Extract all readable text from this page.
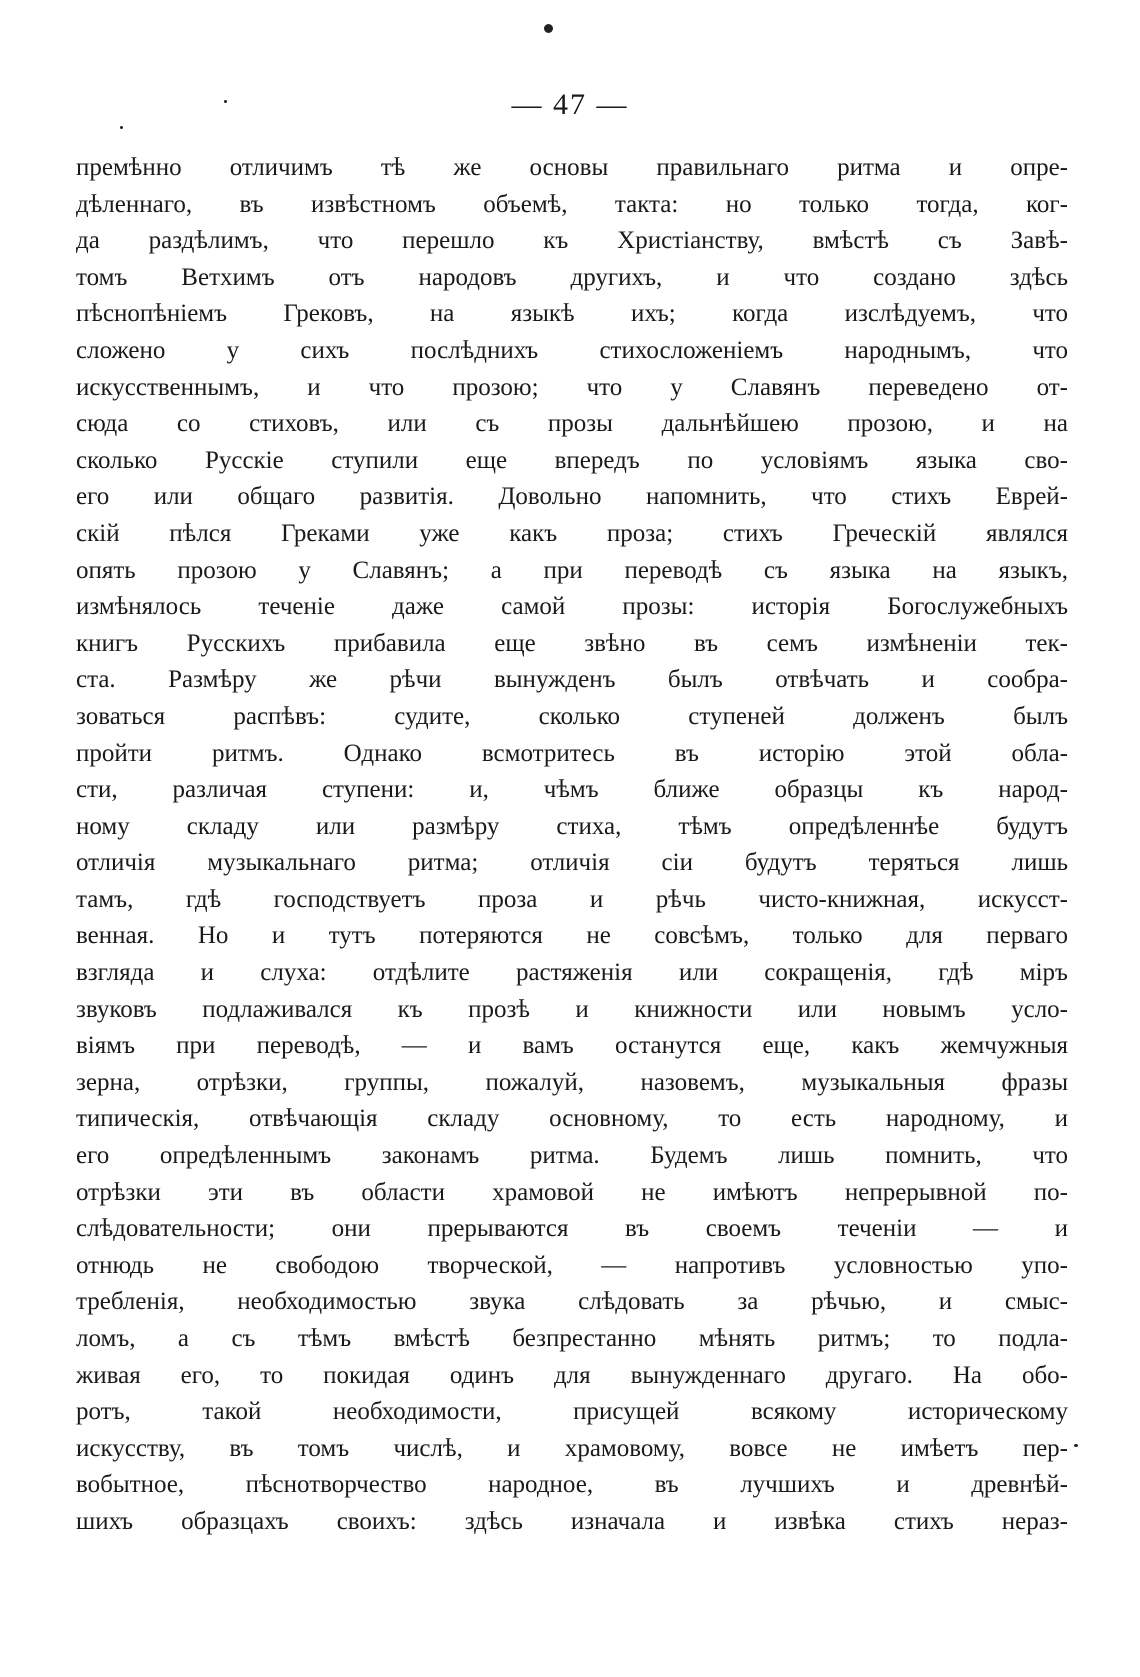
— 47 —
премѣнно отличимъ тѣ же основы правильнаго ритма и опре-
дѣленнаго, въ извѣстномъ объемѣ, такта: но только тогда, ког-
да раздѣлимъ, что перешло къ Христіанству, вмѣстѣ съ Завѣ-
томъ Ветхимъ отъ народовъ другихъ, и что создано здѣсь
пѣснопѣніемъ Грековъ, на языкѣ ихъ; когда изслѣдуемъ, что
сложено у сихъ послѣднихъ стихосложеніемъ народнымъ, что
искусственнымъ, и что прозою; что у Славянъ переведено от-
сюда со стиховъ, или съ прозы дальнѣйшею прозою, и на
сколько Русскіе ступили еще впередъ по условіямъ языка сво-
его или общаго развитія. Довольно напомнить, что стихъ Еврей-
скій пѣлся Греками уже какъ проза; стихъ Греческій являлся
опять прозою у Славянъ; а при переводѣ съ языка на языкъ,
измѣнялось теченіе даже самой прозы: исторія Богослужебныхъ
книгъ Русскихъ прибавила еще звѣно въ семъ измѣненіи тек-
ста. Размѣру же рѣчи вынужденъ былъ отвѣчать и сообра-
зоваться распѣвъ: судите, сколько ступеней долженъ былъ
пройти ритмъ. Однако всмотритесь въ исторію этой обла-
сти, различая ступени: и, чѣмъ ближе образцы къ народ-
ному складу или размѣру стиха, тѣмъ опредѣленнѣе будутъ
отличія музыкальнаго ритма; отличія сіи будутъ теряться лишь
тамъ, гдѣ господствуетъ проза и рѣчь чисто-книжная, искусст-
венная. Но и тутъ потеряются не совсѣмъ, только для перваго
взгляда и слуха: отдѣлите растяженія или сокращенія, гдѣ міръ
звуковъ подлаживался къ прозѣ и книжности или новымъ усло-
віямъ при переводѣ, — и вамъ останутся еще, какъ жемчужныя
зерна, отрѣзки, группы, пожалуй, назовемъ, музыкальныя фразы
типическія, отвѣчающія складу основному, то есть народному, и
его опредѣленнымъ законамъ ритма. Будемъ лишь помнить, что
отрѣзки эти въ области храмовой не имѣютъ непрерывной по-
слѣдовательности; они прерываются въ своемъ теченіи — и
отнюдь не свободою творческой, — напротивъ условностью упо-
требленія, необходимостью звука слѣдовать за рѣчью, и смыс-
ломъ, а съ тѣмъ вмѣстѣ безпрестанно мѣнять ритмъ; то подла-
живая его, то покидая одинъ для вынужденнаго другаго. На обо-
ротъ, такой необходимости, присущей всякому историческому
искусству, въ томъ числѣ, и храмовому, вовсе не имѣетъ пер-
вобытное, пѣснотворчество народное, въ лучшихъ и древнѣй-
шихъ образцахъ своихъ: здѣсь изначала и извѣка стихъ нераз-
